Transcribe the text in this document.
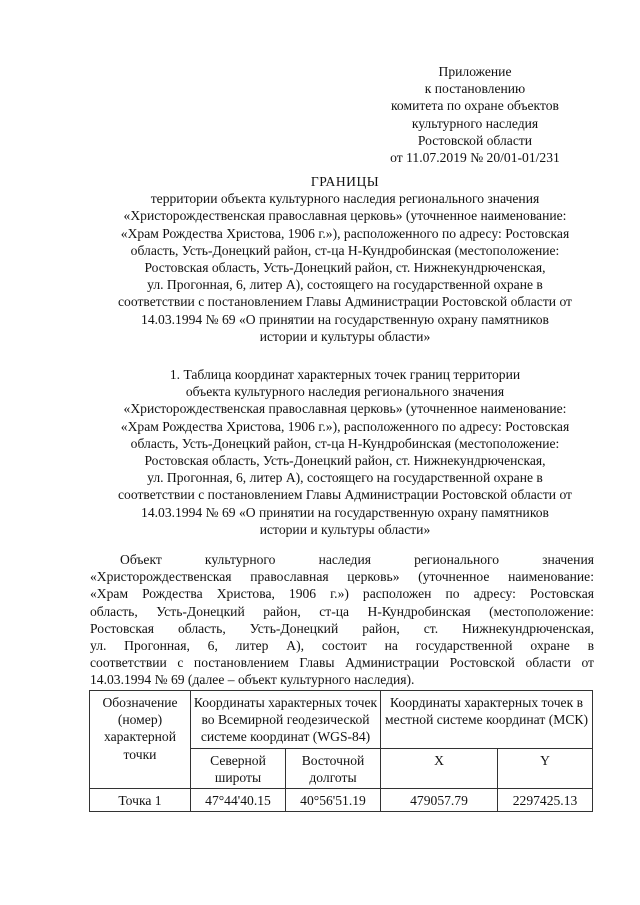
Приложение
к постановлению
комитета по охране объектов
культурного наследия
Ростовской области
от 11.07.2019 № 20/01-01/231
ГРАНИЦЫ
территории объекта культурного наследия регионального значения
«Христорождественская православная церковь» (уточненное наименование:
«Храм Рождества Христова, 1906 г.»), расположенного по адресу: Ростовская
область, Усть-Донецкий район, ст-ца Н-Кундробинская (местоположение:
Ростовская область, Усть-Донецкий район, ст. Нижнекундрюченская,
ул. Прогонная, 6, литер А), состоящего на государственной охране в
соответствии с постановлением Главы Администрации Ростовской области от
14.03.1994 № 69 «О принятии на государственную охрану памятников
истории и культуры области»
1. Таблица координат характерных точек границ территории
объекта культурного наследия регионального значения
«Христорождественская православная церковь» (уточненное наименование:
«Храм Рождества Христова, 1906 г.»), расположенного по адресу: Ростовская
область, Усть-Донецкий район, ст-ца Н-Кундробинская (местоположение:
Ростовская область, Усть-Донецкий район, ст. Нижнекундрюченская,
ул. Прогонная, 6, литер А), состоящего на государственной охране в
соответствии с постановлением Главы Администрации Ростовской области от
14.03.1994 № 69 «О принятии на государственную охрану памятников
истории и культуры области»
Объект культурного наследия регионального значения
«Христорождественская православная церковь» (уточненное наименование:
«Храм Рождества Христова, 1906 г.») расположен по адресу: Ростовская
область, Усть-Донецкий район, ст-ца Н-Кундробинская (местоположение:
Ростовская область, Усть-Донецкий район, ст. Нижнекундрюченская,
ул. Прогонная, 6, литер А), состоит на государственной охране в
соответствии с постановлением Главы Администрации Ростовской области от
14.03.1994 № 69 (далее – объект культурного наследия).
Обозначение (номер) характерной точки	Координаты характерных точек во Всемирной геодезической системе координат (WGS-84)		Координаты характерных точек в местной системе координат (МСК)	
	Северной широты	Восточной долготы	X	Y
Точка 1	47°44'40.15	40°56'51.19	479057.79	2297425.13
